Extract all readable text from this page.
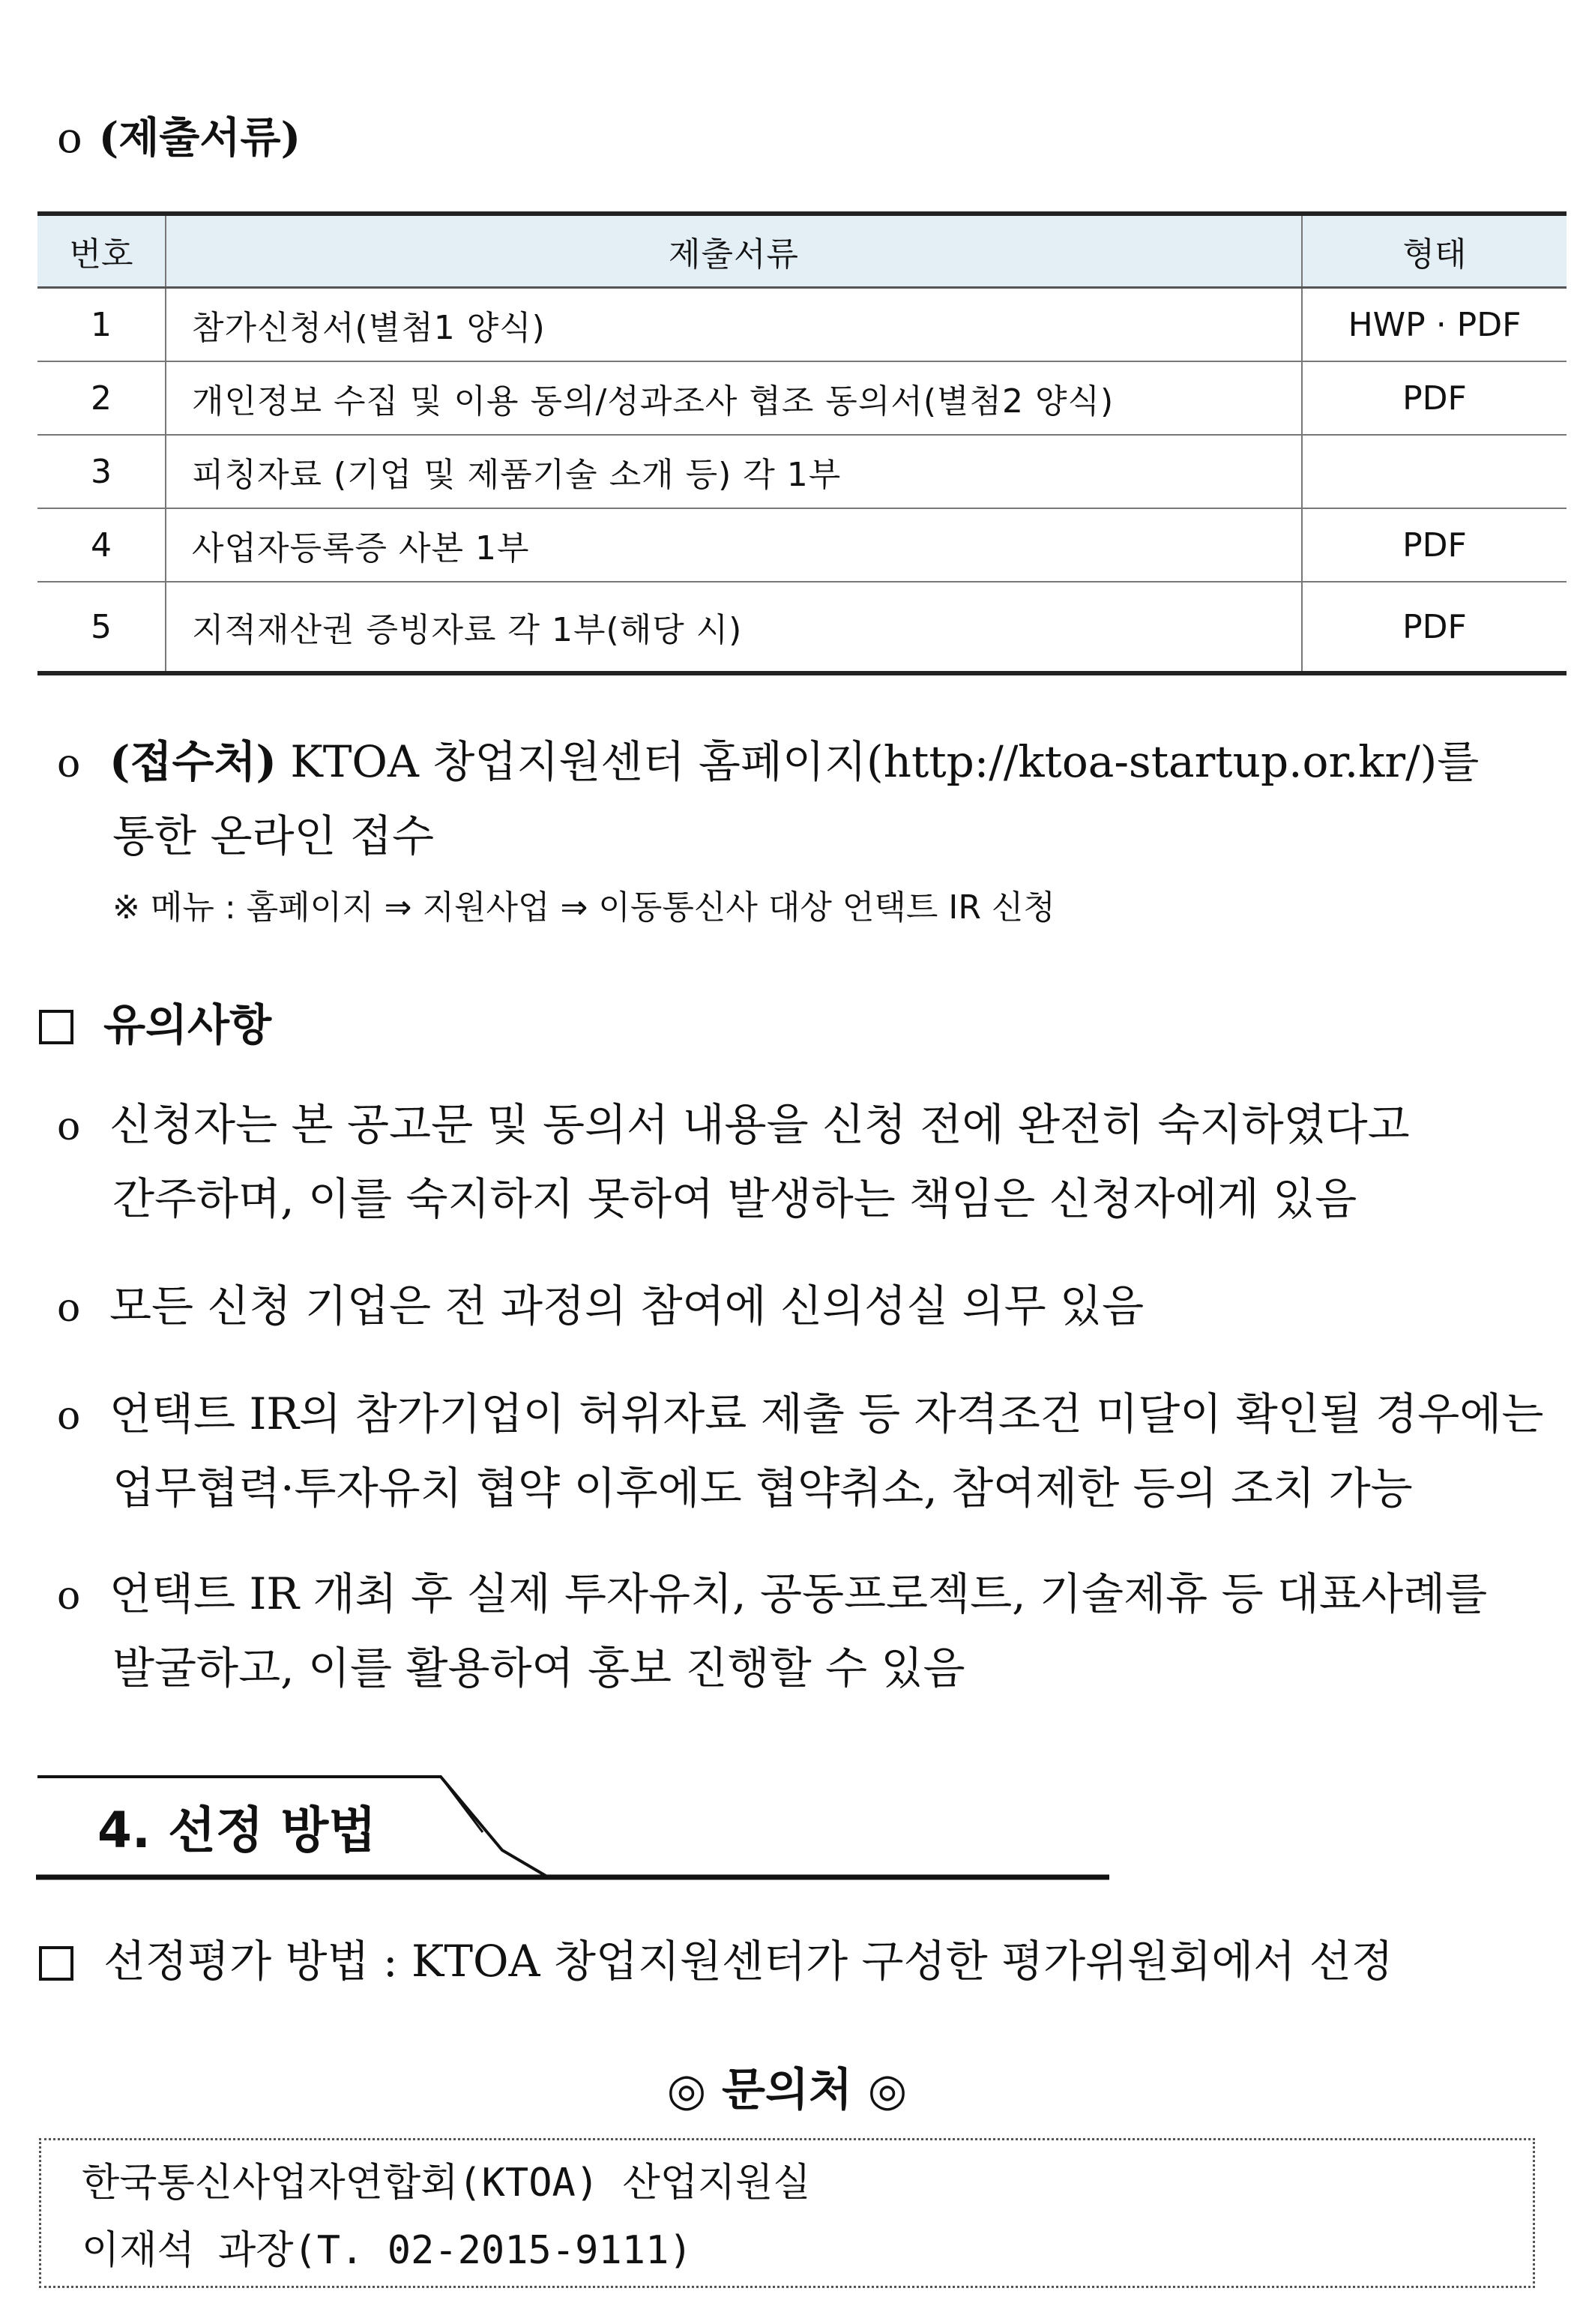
o (제출서류)
번호	제출서류	형태
1	참가신청서(별첨1 양식)	HWP · PDF
2	개인정보 수집 및 이용 동의/성과조사 협조 동의서(별첨2 양식)	PDF
3	피칭자료 (기업 및 제품기술 소개 등) 각 1부
4	사업자등록증 사본 1부	PDF
5	지적재산권 증빙자료 각 1부(해당 시)	PDF
o (접수처) KTOA 창업지원센터 홈페이지(http://ktoa-startup.or.kr/)를
통한 온라인 접수
※ 메뉴 : 홈페이지 ⇒ 지원사업 ⇒ 이동통신사 대상 언택트 IR 신청
유의사항
o 신청자는 본 공고문 및 동의서 내용을 신청 전에 완전히 숙지하였다고
간주하며, 이를 숙지하지 못하여 발생하는 책임은 신청자에게 있음
o 모든 신청 기업은 전 과정의 참여에 신의성실 의무 있음
o 언택트 IR의 참가기업이 허위자료 제출 등 자격조건 미달이 확인될 경우에는
업무협력·투자유치 협약 이후에도 협약취소, 참여제한 등의 조치 가능
o 언택트 IR 개최 후 실제 투자유치, 공동프로젝트, 기술제휴 등 대표사례를
발굴하고, 이를 활용하여 홍보 진행할 수 있음
4. 선정 방법
선정평가 방법 : KTOA 창업지원센터가 구성한 평가위원회에서 선정
◎ 문의처 ◎
한국통신사업자연합회(KTOA) 산업지원실
이재석 과장(T. 02-2015-9111)
